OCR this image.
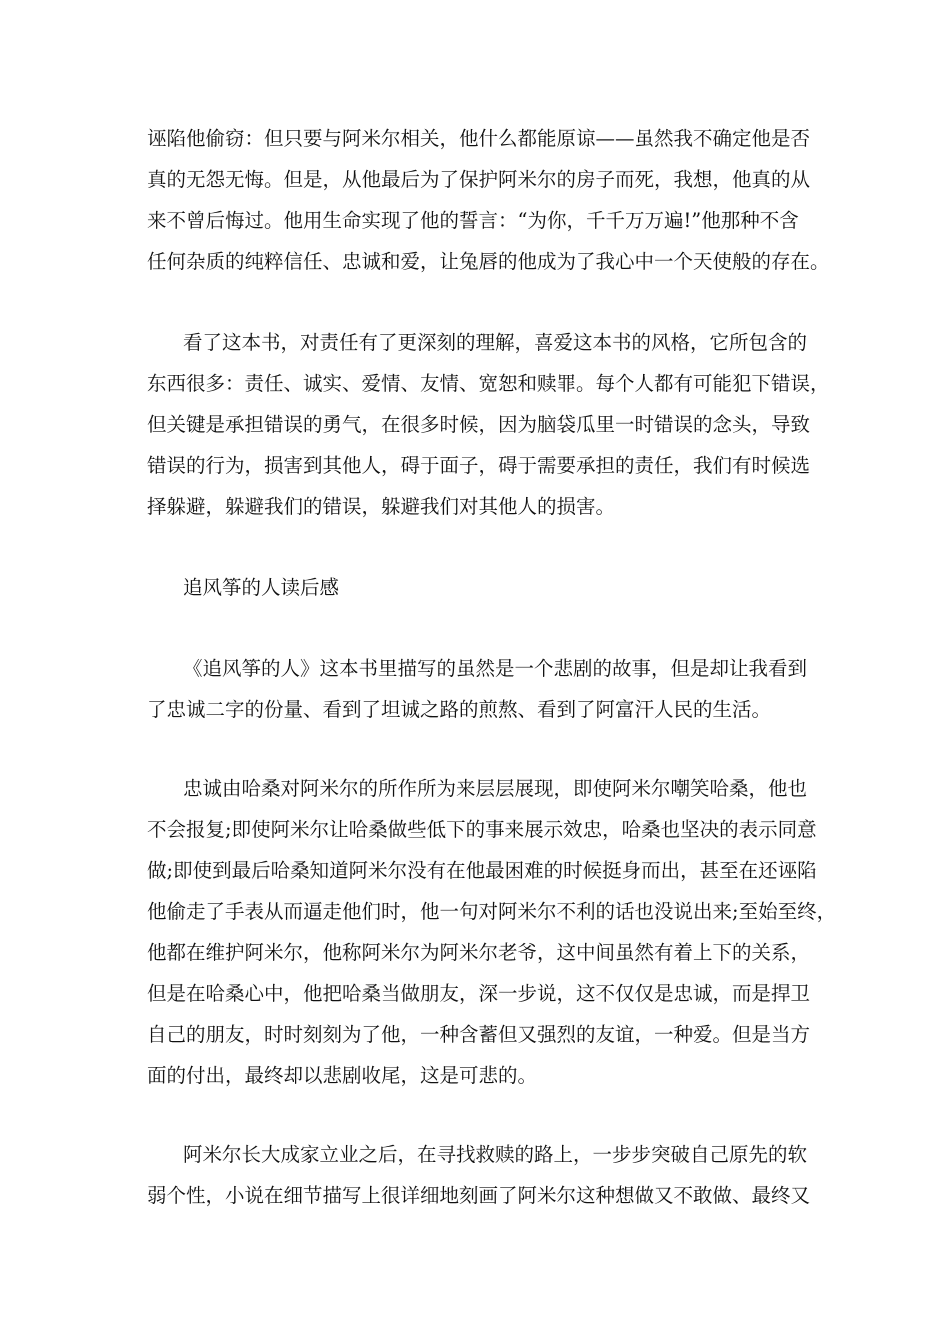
诬陷他偷窃：但只要与阿米尔相关，他什么都能原谅——虽然我不确定他是否
真的无怨无悔。但是，从他最后为了保护阿米尔的房子而死，我想，他真的从
来不曾后悔过。他用生命实现了他的誓言：“为你，千千万万遍!”他那种不含
任何杂质的纯粹信任、忠诚和爱，让兔唇的他成为了我心中一个天使般的存在。
看了这本书，对责任有了更深刻的理解，喜爱这本书的风格，它所包含的
东西很多：责任、诚实、爱情、友情、宽恕和赎罪。每个人都有可能犯下错误，
但关键是承担错误的勇气，在很多时候，因为脑袋瓜里一时错误的念头，导致
错误的行为，损害到其他人，碍于面子，碍于需要承担的责任，我们有时候选
择躲避，躲避我们的错误，躲避我们对其他人的损害。
追风筝的人读后感
《追风筝的人》这本书里描写的虽然是一个悲剧的故事，但是却让我看到
了忠诚二字的份量、看到了坦诚之路的煎熬、看到了阿富汗人民的生活。
忠诚由哈桑对阿米尔的所作所为来层层展现，即使阿米尔嘲笑哈桑，他也
不会报复;即使阿米尔让哈桑做些低下的事来展示效忠，哈桑也坚决的表示同意
做;即使到最后哈桑知道阿米尔没有在他最困难的时候挺身而出，甚至在还诬陷
他偷走了手表从而逼走他们时，他一句对阿米尔不利的话也没说出来;至始至终，
他都在维护阿米尔，他称阿米尔为阿米尔老爷，这中间虽然有着上下的关系，
但是在哈桑心中，他把哈桑当做朋友，深一步说，这不仅仅是忠诚，而是捍卫
自己的朋友，时时刻刻为了他，一种含蓄但又强烈的友谊，一种爱。但是当方
面的付出，最终却以悲剧收尾，这是可悲的。
阿米尔长大成家立业之后，在寻找救赎的路上，一步步突破自己原先的软
弱个性，小说在细节描写上很详细地刻画了阿米尔这种想做又不敢做、最终又
